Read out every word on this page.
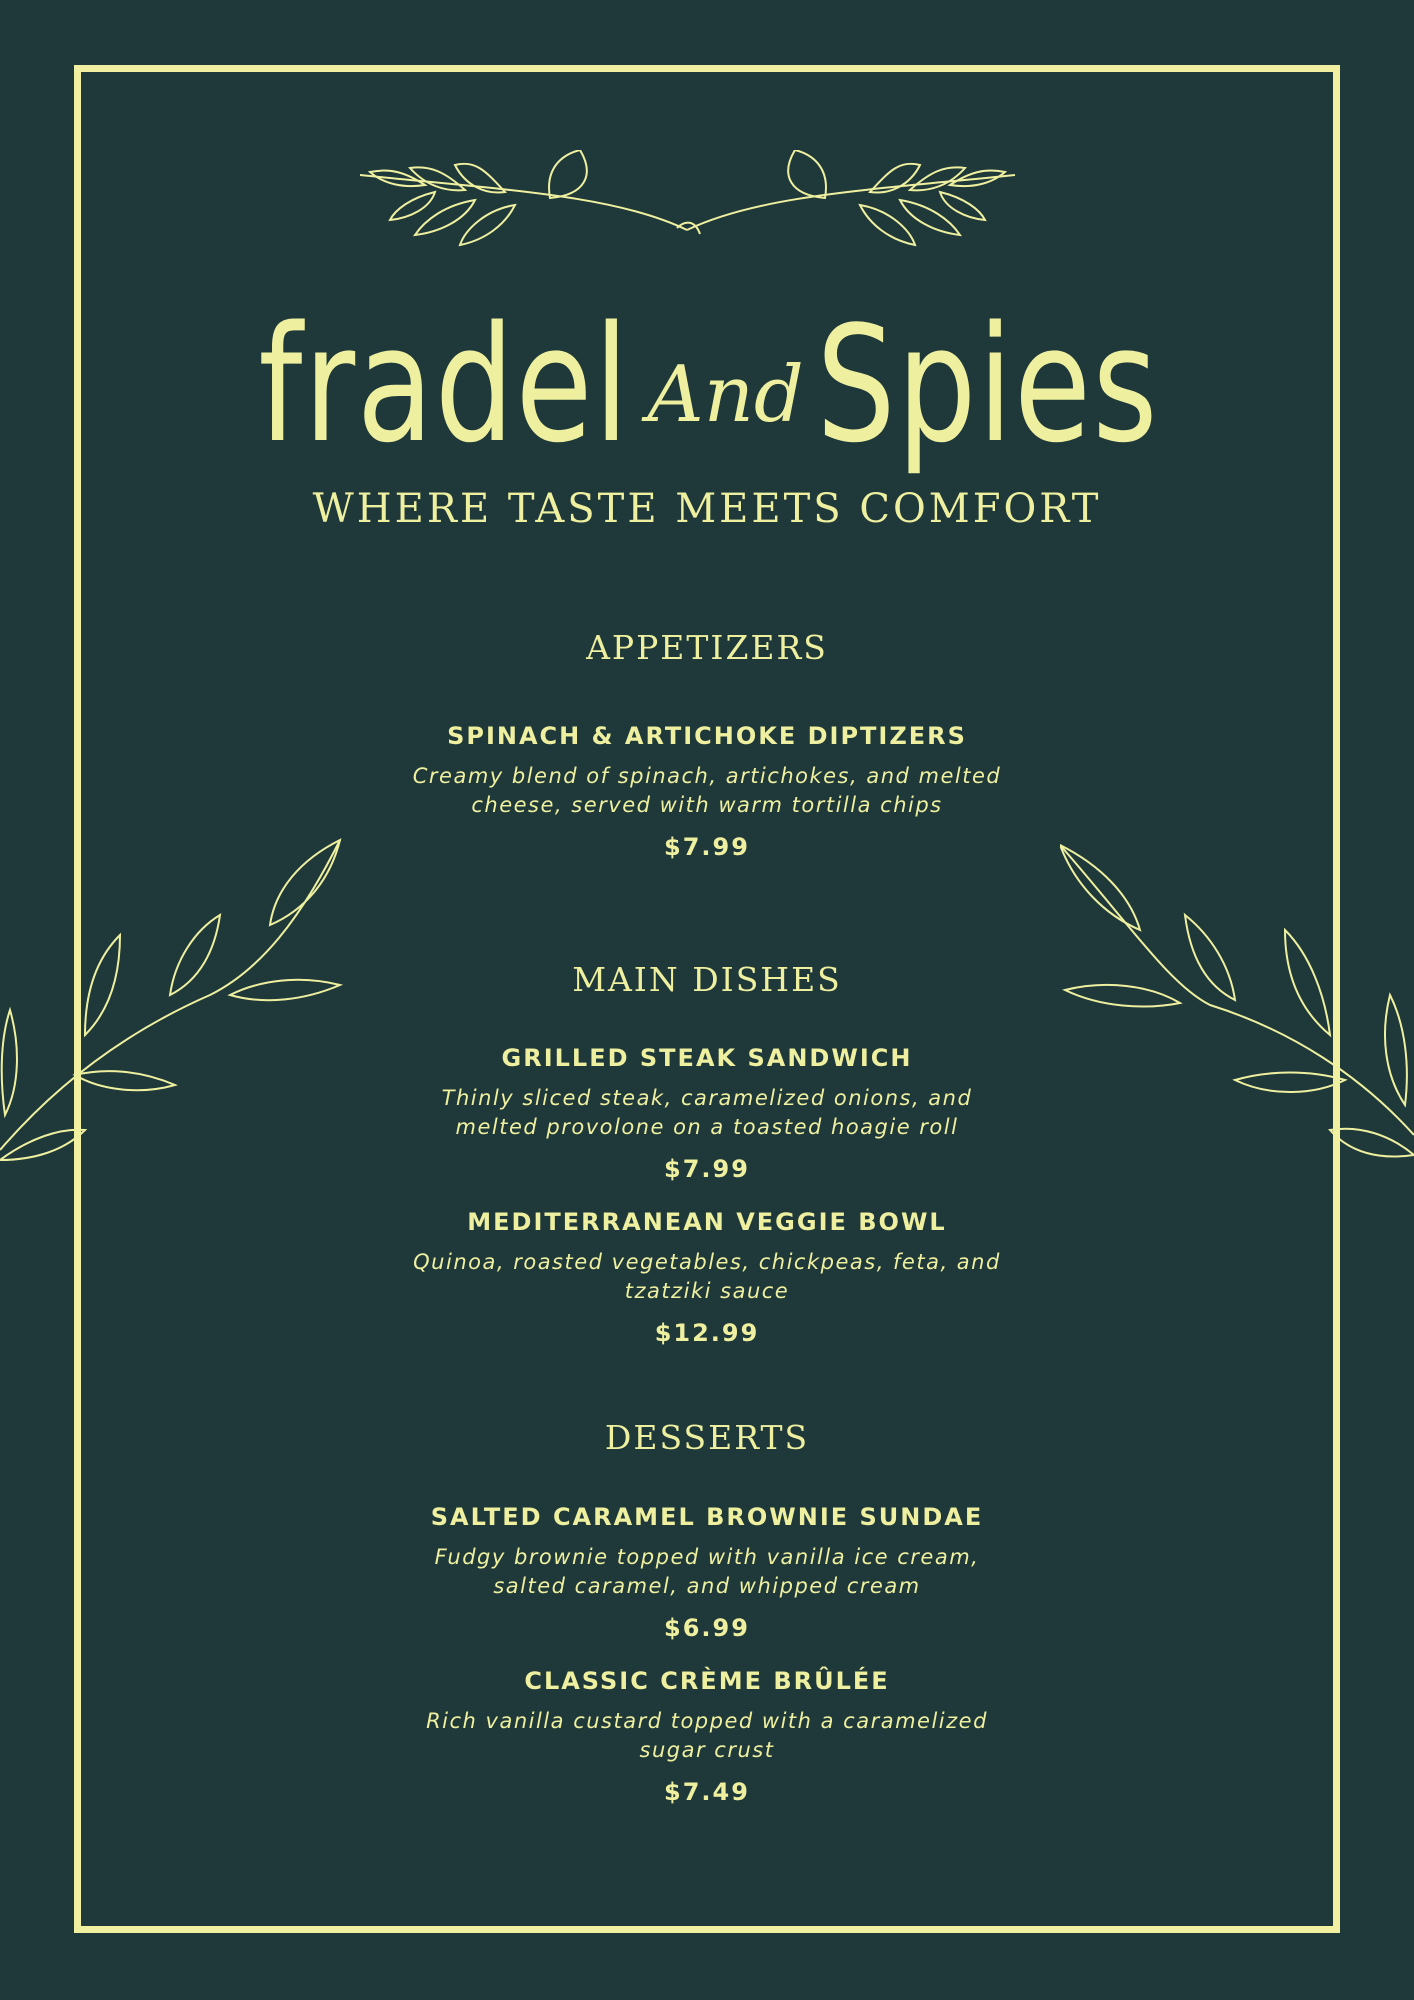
fradel And Spies
WHERE TASTE MEETS COMFORT
APPETIZERS
SPINACH & ARTICHOKE DIPTIZERS
Creamy blend of spinach, artichokes, and melted
cheese, served with warm tortilla chips
$7.99
MAIN DISHES
GRILLED STEAK SANDWICH
Thinly sliced steak, caramelized onions, and
melted provolone on a toasted hoagie roll
$7.99
MEDITERRANEAN VEGGIE BOWL
Quinoa, roasted vegetables, chickpeas, feta, and
tzatziki sauce
$12.99
DESSERTS
SALTED CARAMEL BROWNIE SUNDAE
Fudgy brownie topped with vanilla ice cream,
salted caramel, and whipped cream
$6.99
CLASSIC CRÈME BRÛLÉE
Rich vanilla custard topped with a caramelized
sugar crust
$7.49
